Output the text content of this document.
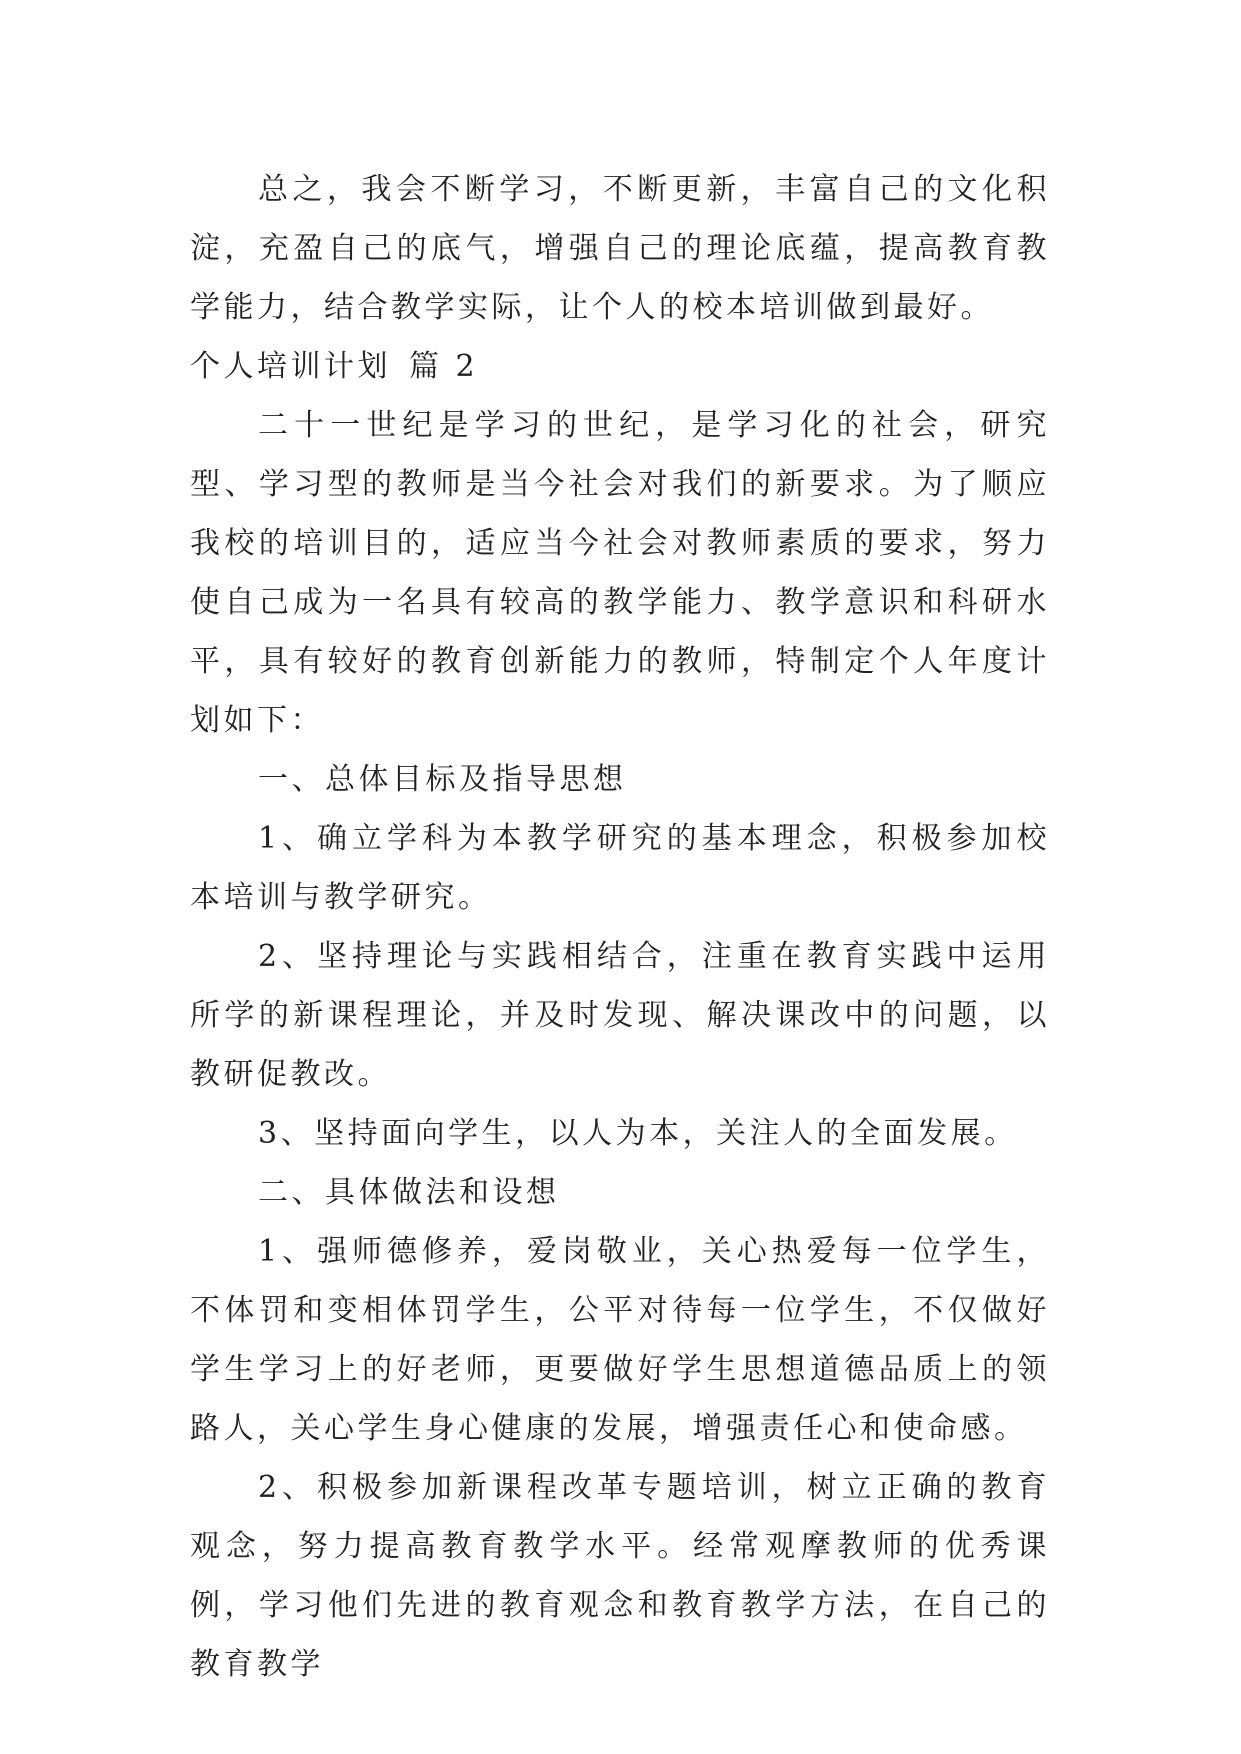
总之，我会不断学习，不断更新，丰富自己的文化积淀，充盈自己的底气，增强自己的理论底蕴，提高教育教学能力，结合教学实际，让个人的校本培训做到最好。

个人培训计划 篇 2

二十一世纪是学习的世纪，是学习化的社会，研究型、学习型的教师是当今社会对我们的新要求。为了顺应我校的培训目的，适应当今社会对教师素质的要求，努力使自己成为一名具有较高的教学能力、教学意识和科研水平，具有较好的教育创新能力的教师，特制定个人年度计划如下：

一、总体目标及指导思想

1、确立学科为本教学研究的基本理念，积极参加校本培训与教学研究。

2、坚持理论与实践相结合，注重在教育实践中运用所学的新课程理论，并及时发现、解决课改中的问题，以教研促教改。

3、坚持面向学生，以人为本，关注人的全面发展。

二、具体做法和设想

1、强师德修养，爱岗敬业，关心热爱每一位学生，不体罚和变相体罚学生，公平对待每一位学生，不仅做好学生学习上的好老师，更要做好学生思想道德品质上的领路人，关心学生身心健康的发展，增强责任心和使命感。

2、积极参加新课程改革专题培训，树立正确的教育观念，努力提高教育教学水平。经常观摩教师的优秀课例，学习他们先进的教育观念和教育教学方法，在自己的教育教学
